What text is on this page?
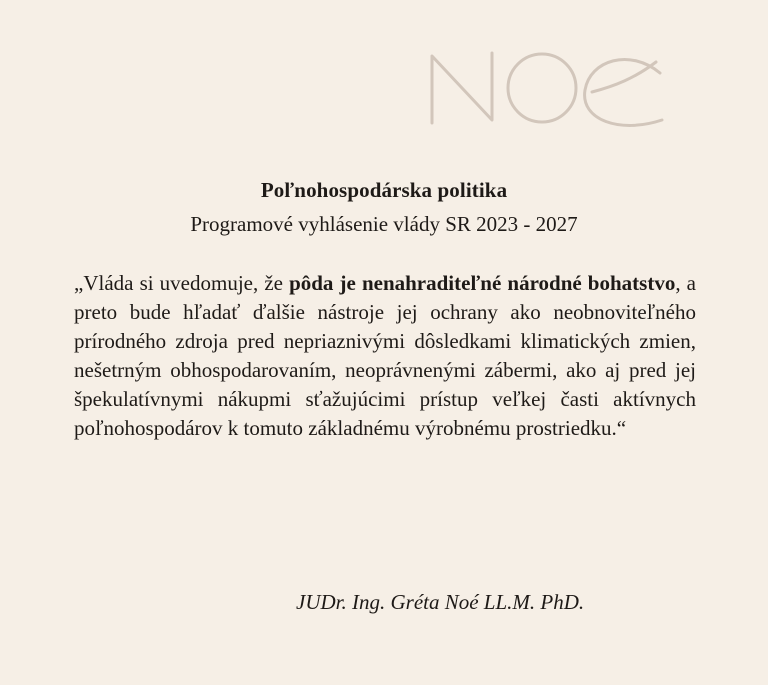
Poľnohospodárska politika
Programové vyhlásenie vlády SR 2023 - 2027

„Vláda si uvedomuje, že pôda je nenahraditeľné národné bohatstvo, a preto bude hľadať ďalšie nástroje jej ochrany ako neobnoviteľného prírodného zdroja pred nepriaznivými dôsledkami klimatických zmien, nešetrným obhospodarovaním, neoprávnenými zábermi, ako aj pred jej špekulatívnymi nákupmi sťažujúcimi prístup veľkej časti aktívnych poľnohospodárov k tomuto základnému výrobnému prostriedku.“

JUDr. Ing. Gréta Noé LL.M. PhD.
